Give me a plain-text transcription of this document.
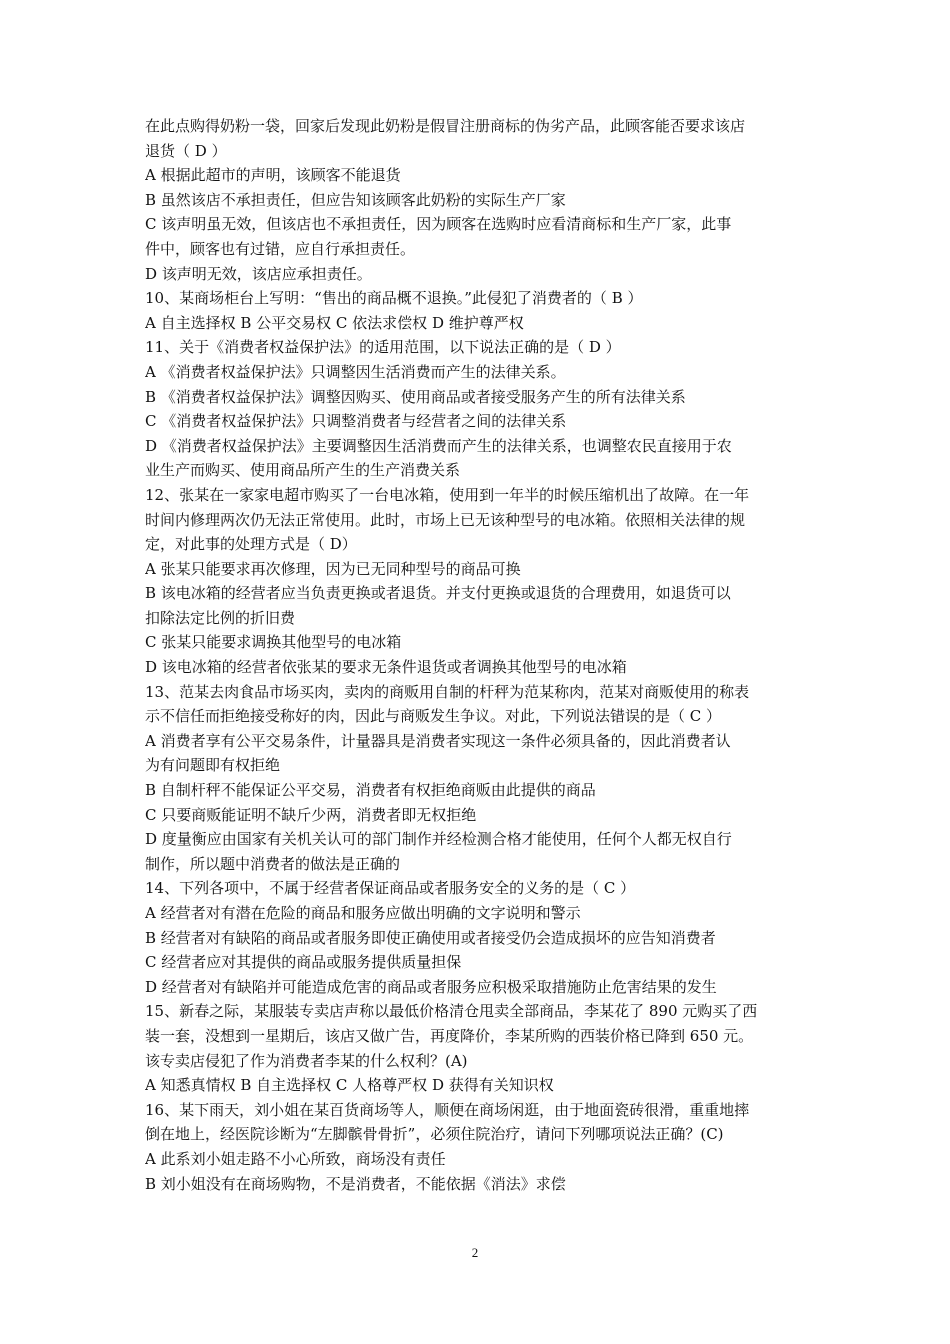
在此点购得奶粉一袋，回家后发现此奶粉是假冒注册商标的伪劣产品，此顾客能否要求该店
退货（ D ）
A 根据此超市的声明，该顾客不能退货
B 虽然该店不承担责任，但应告知该顾客此奶粉的实际生产厂家
C 该声明虽无效，但该店也不承担责任，因为顾客在选购时应看清商标和生产厂家，此事
件中，顾客也有过错，应自行承担责任。
D 该声明无效，该店应承担责任。
10、某商场柜台上写明：“售出的商品概不退换。”此侵犯了消费者的（ B ）
A 自主选择权 B 公平交易权 C 依法求偿权 D 维护尊严权
11、关于《消费者权益保护法》的适用范围，以下说法正确的是（ D ）
A 《消费者权益保护法》只调整因生活消费而产生的法律关系。
B 《消费者权益保护法》调整因购买、使用商品或者接受服务产生的所有法律关系
C 《消费者权益保护法》只调整消费者与经营者之间的法律关系
D 《消费者权益保护法》主要调整因生活消费而产生的法律关系，也调整农民直接用于农
业生产而购买、使用商品所产生的生产消费关系
12、张某在一家家电超市购买了一台电冰箱，使用到一年半的时候压缩机出了故障。在一年
时间内修理两次仍无法正常使用。此时，市场上已无该种型号的电冰箱。依照相关法律的规
定，对此事的处理方式是（ D）
A 张某只能要求再次修理，因为已无同种型号的商品可换
B 该电冰箱的经营者应当负责更换或者退货。并支付更换或退货的合理费用，如退货可以
扣除法定比例的折旧费
C 张某只能要求调换其他型号的电冰箱
D 该电冰箱的经营者依张某的要求无条件退货或者调换其他型号的电冰箱
13、范某去肉食品市场买肉，卖肉的商贩用自制的杆秤为范某称肉，范某对商贩使用的称表
示不信任而拒绝接受称好的肉，因此与商贩发生争议。对此，下列说法错误的是（ C ）
A 消费者享有公平交易条件，计量器具是消费者实现这一条件必须具备的，因此消费者认
为有问题即有权拒绝
B 自制杆秤不能保证公平交易，消费者有权拒绝商贩由此提供的商品
C 只要商贩能证明不缺斤少两，消费者即无权拒绝
D 度量衡应由国家有关机关认可的部门制作并经检测合格才能使用，任何个人都无权自行
制作，所以题中消费者的做法是正确的
14、下列各项中，不属于经营者保证商品或者服务安全的义务的是（ C ）
A 经营者对有潜在危险的商品和服务应做出明确的文字说明和警示
B 经营者对有缺陷的商品或者服务即使正确使用或者接受仍会造成损坏的应告知消费者
C 经营者应对其提供的商品或服务提供质量担保
D 经营者对有缺陷并可能造成危害的商品或者服务应积极采取措施防止危害结果的发生
15、新春之际，某服装专卖店声称以最低价格清仓甩卖全部商品，李某花了 890 元购买了西
装一套，没想到一星期后，该店又做广告，再度降价，李某所购的西装价格已降到 650 元。
该专卖店侵犯了作为消费者李某的什么权利？(A)
A 知悉真情权 B 自主选择权 C 人格尊严权 D 获得有关知识权
16、某下雨天，刘小姐在某百货商场等人，顺便在商场闲逛，由于地面瓷砖很滑，重重地摔
倒在地上，经医院诊断为“左脚髌骨骨折”，必须住院治疗，请问下列哪项说法正确？(C)
A 此系刘小姐走路不小心所致，商场没有责任
B 刘小姐没有在商场购物，不是消费者，不能依据《消法》求偿
2
